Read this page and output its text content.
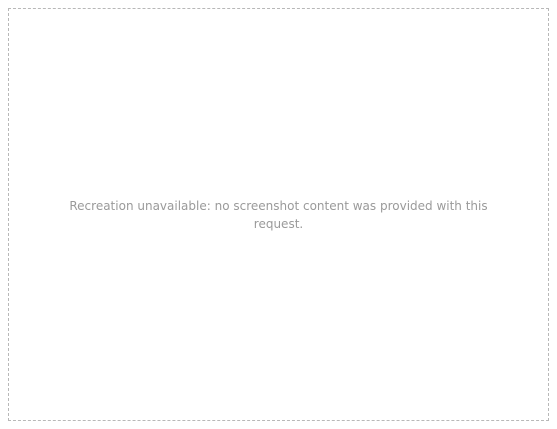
Recreation unavailable: no screenshot content was provided with this request.
